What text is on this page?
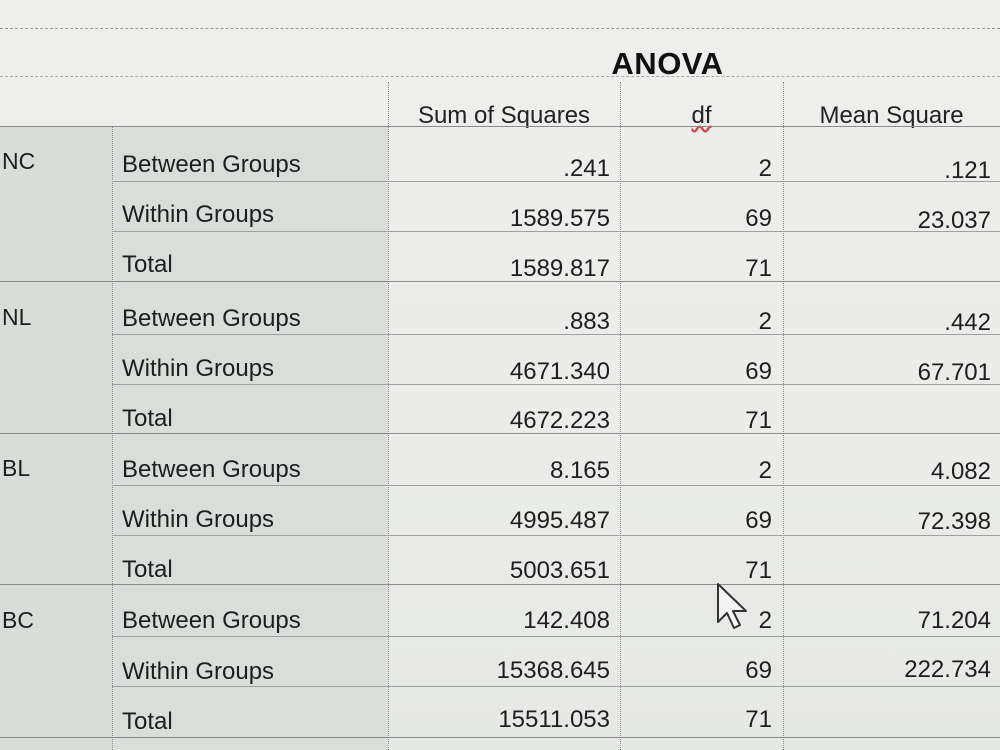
ANOVA
Sum of Squares	df	Mean Square
NC	Between Groups	.241	2	.121
Within Groups	1589.575	69	23.037
Total	1589.817	71
NL	Between Groups	.883	2	.442
Within Groups	4671.340	69	67.701
Total	4672.223	71
BL	Between Groups	8.165	2	4.082
Within Groups	4995.487	69	72.398
Total	5003.651	71
BC	Between Groups	142.408	2	71.204
Within Groups	15368.645	69	222.734
Total	15511.053	71
